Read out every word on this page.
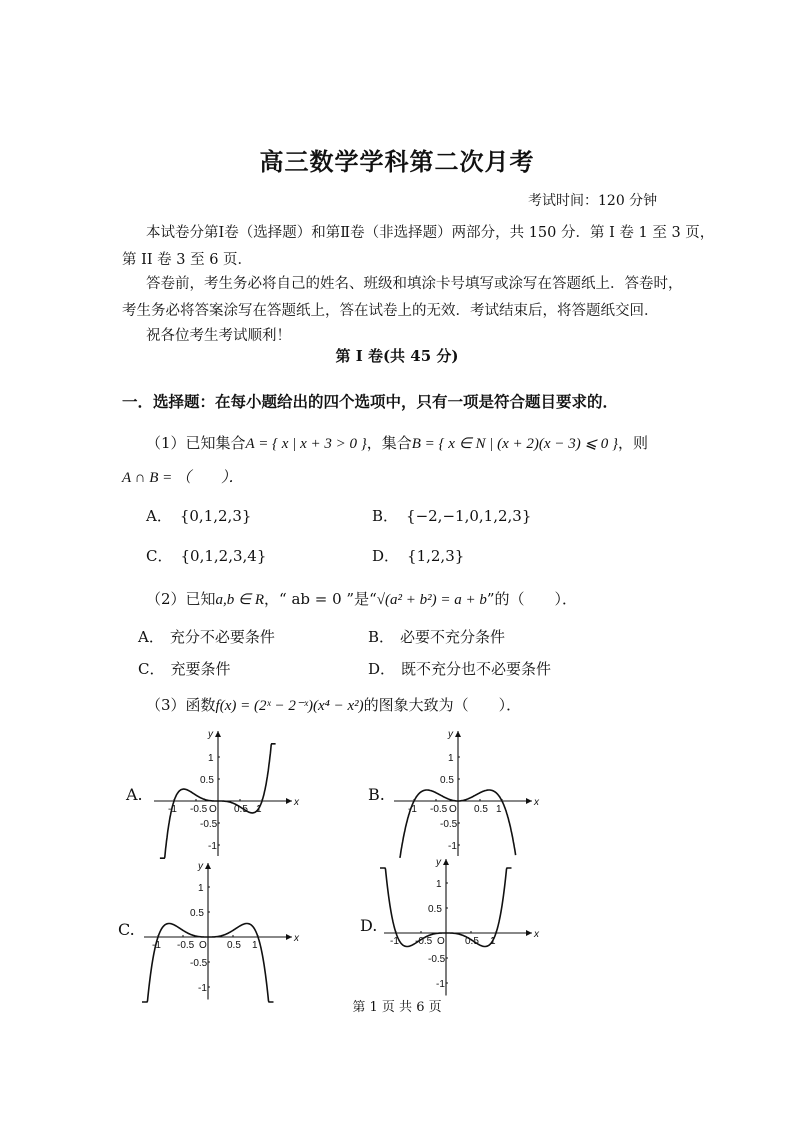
高三数学学科第二次月考
考试时间：120 分钟
本试卷分第Ⅰ卷（选择题）和第Ⅱ卷（非选择题）两部分，共 150 分．第 I 卷 1 至 3 页，
第 II 卷 3 至 6 页．
答卷前，考生务必将自己的姓名、班级和填涂卡号填写或涂写在答题纸上．答卷时，
考生务必将答案涂写在答题纸上，答在试卷上的无效．考试结束后，将答题纸交回．
祝各位考生考试顺利！
第 I 卷(共 45 分)
一．选择题：在每小题给出的四个选项中，只有一项是符合题目要求的．
（1）已知集合A = { x | x + 3 > 0 }，集合B = { x ∈ N | (x + 2)(x − 3) ⩽ 0 }，则
A ∩ B = （　　）．
A． {0,1,2,3}	B． {−2,−1,0,1,2,3}
C． {0,1,2,3,4}	D． {1,2,3}
（2）已知a,b ∈ R，“ ab = 0 ”是“√(a² + b²) = a + b”的（　　）．
A． 充分不必要条件	B． 必要不充分条件
C． 充要条件	D． 既不充分也不必要条件
（3）函数f(x) = (2ˣ − 2⁻ˣ)(x⁴ − x²)的图象大致为（　　）．
A.	B.
C.	D.
x
y
-1 -0.5 O 0.5 1
1
0.5
-0.5
-1
x
y
-1 -0.5 O 0.5 1
1
0.5
-0.5
-1
x
y
-1 -0.5 O 0.5 1
1
0.5
-0.5
-1
x
y
-1 -0.5 O 0.5 1
1
0.5
-0.5
-1
第 1 页 共 6 页
